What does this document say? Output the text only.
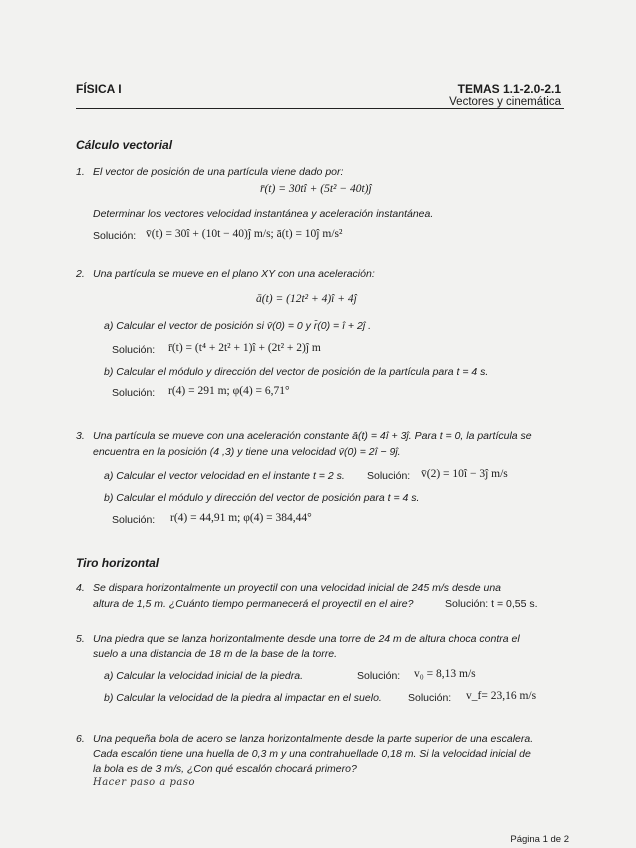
FÍSICA I	TEMAS 1.1-2.0-2.1
Vectores y cinemática
Cálculo vectorial
1. El vector de posición de una partícula viene dado por:
r̄(t) = 30tî + (5t² − 40t)ĵ
Determinar los vectores velocidad instantánea y aceleración instantánea.
Solución: v̄(t) = 30î + (10t − 40)ĵ m/s; ā(t) = 10ĵ m/s²
2. Una partícula se mueve en el plano XY con una aceleración:
ā(t) = (12t² + 4)î + 4ĵ
a) Calcular el vector de posición si v̄(0) = 0 y r̄(0) = î + 2ĵ .
Solución: r̄(t) = (t⁴ + 2t² + 1)î + (2t² + 2)ĵ m
b) Calcular el módulo y dirección del vector de posición de la partícula para t = 4 s.
Solución: r(4) = 291 m; φ(4) = 6,71°
3. Una partícula se mueve con una aceleración constante ā(t) = 4î + 3ĵ. Para t = 0, la partícula se
encuentra en la posición (4 ,3) y tiene una velocidad v̄(0) = 2î − 9ĵ.
a) Calcular el vector velocidad en el instante t = 2 s. Solución: v̄(2) = 10î − 3ĵ m/s
b) Calcular el módulo y dirección del vector de posición para t = 4 s.
Solución: r(4) = 44,91 m; φ(4) = 384,44°
Tiro horizontal
4. Se dispara horizontalmente un proyectil con una velocidad inicial de 245 m/s desde una
altura de 1,5 m. ¿Cuánto tiempo permanecerá el proyectil en el aire?	Solución: t = 0,55 s.
5. Una piedra que se lanza horizontalmente desde una torre de 24 m de altura choca contra el
suelo a una distancia de 18 m de la base de la torre.
a) Calcular la velocidad inicial de la piedra.	Solución: v₀ = 8,13 m/s
b) Calcular la velocidad de la piedra al impactar en el suelo. Solución: v_f= 23,16 m/s
6. Una pequeña bola de acero se lanza horizontalmente desde la parte superior de una escalera.
Cada escalón tiene una huella de 0,3 m y una contrahuellade 0,18 m. Si la velocidad inicial de
la bola es de 3 m/s, ¿Con qué escalón chocará primero?
Hacer paso a paso
Página 1 de 2
